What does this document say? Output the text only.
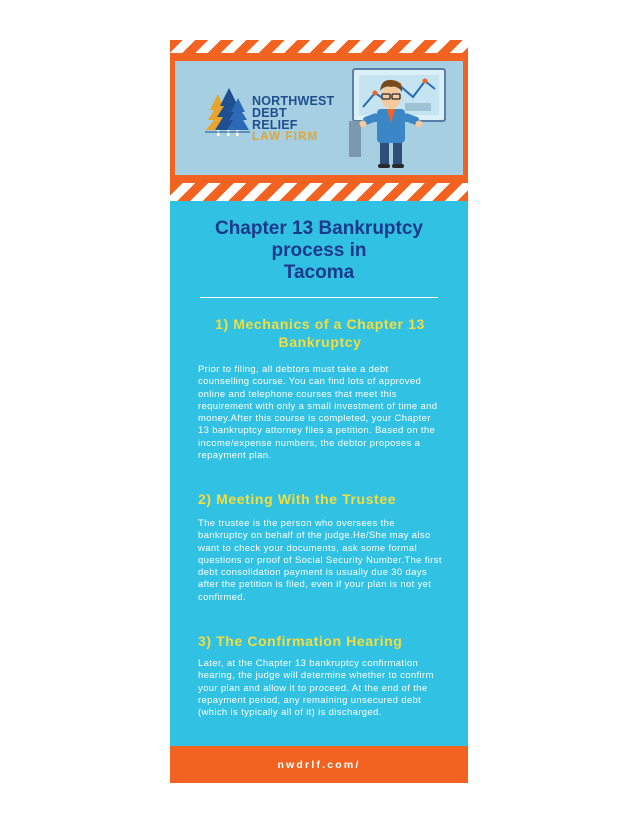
NORTHWEST
DEBT RELIEF
LAW FIRM
Chapter 13 Bankruptcy
process in
Tacoma
1) Mechanics of a Chapter 13
Bankruptcy

Prior to filing, all debtors must take a debt counselling course. You can find lots of approved online and telephone courses that meet this requirement with only a small investment of time and money.After this course is completed, your Chapter 13 bankruptcy attorney files a petition. Based on the income/expense numbers, the debtor proposes a repayment plan.

2) Meeting With the Trustee

The trustee is the person who oversees the bankruptcy on behalf of the judge.He/She may also want to check your documents, ask some formal questions or proof of Social Security Number.The first debt consolidation payment is usually due 30 days after the petition is filed, even if your plan is not yet confirmed.

3) The Confirmation Hearing

Later, at the Chapter 13 bankruptcy confirmation hearing, the judge will determine whether to confirm your plan and allow it to proceed. At the end of the repayment period, any remaining unsecured debt (which is typically all of it) is discharged.

nwdrlf.com/
